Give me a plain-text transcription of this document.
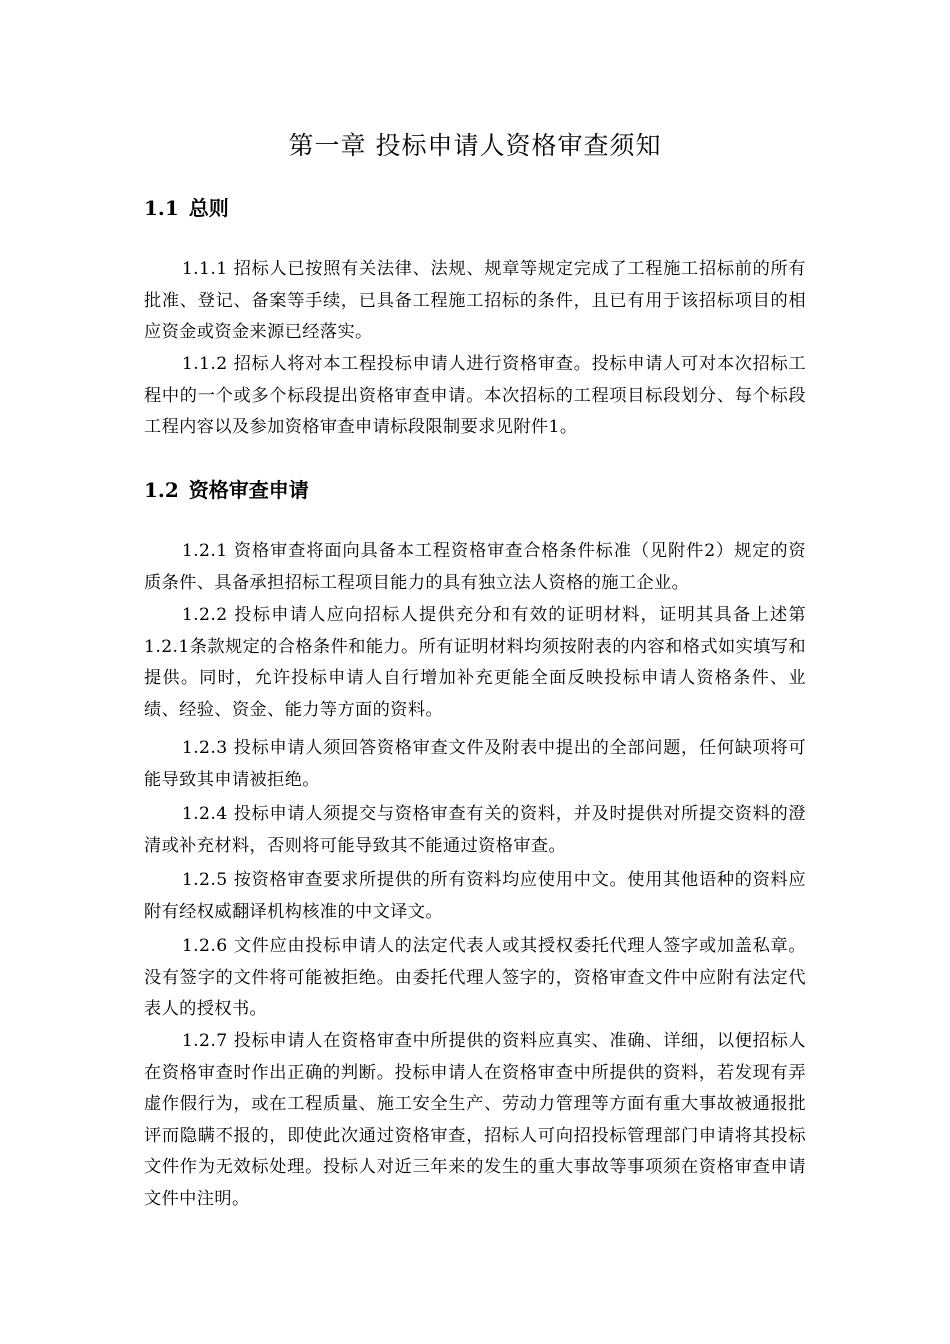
第一章 投标申请人资格审查须知
1.1 总则

1.1.1 招标人已按照有关法律、法规、规章等规定完成了工程施工招标前的所有批准、登记、备案等手续，已具备工程施工招标的条件，且已有用于该招标项目的相应资金或资金来源已经落实。

1.1.2 招标人将对本工程投标申请人进行资格审查。投标申请人可对本次招标工程中的一个或多个标段提出资格审查申请。本次招标的工程项目标段划分、每个标段工程内容以及参加资格审查申请标段限制要求见附件1。

1.2 资格审查申请

1.2.1 资格审查将面向具备本工程资格审查合格条件标准（见附件2）规定的资质条件、具备承担招标工程项目能力的具有独立法人资格的施工企业。

1.2.2 投标申请人应向招标人提供充分和有效的证明材料，证明其具备上述第1.2.1条款规定的合格条件和能力。所有证明材料均须按附表的内容和格式如实填写和提供。同时，允许投标申请人自行增加补充更能全面反映投标申请人资格条件、业绩、经验、资金、能力等方面的资料。

1.2.3 投标申请人须回答资格审查文件及附表中提出的全部问题，任何缺项将可能导致其申请被拒绝。

1.2.4 投标申请人须提交与资格审查有关的资料，并及时提供对所提交资料的澄清或补充材料，否则将可能导致其不能通过资格审查。

1.2.5 按资格审查要求所提供的所有资料均应使用中文。使用其他语种的资料应附有经权威翻译机构核准的中文译文。

1.2.6 文件应由投标申请人的法定代表人或其授权委托代理人签字或加盖私章。没有签字的文件将可能被拒绝。由委托代理人签字的，资格审查文件中应附有法定代表人的授权书。

1.2.7 投标申请人在资格审查中所提供的资料应真实、准确、详细，以便招标人在资格审查时作出正确的判断。投标申请人在资格审查中所提供的资料，若发现有弄虚作假行为，或在工程质量、施工安全生产、劳动力管理等方面有重大事故被通报批评而隐瞒不报的，即使此次通过资格审查，招标人可向招投标管理部门申请将其投标文件作为无效标处理。投标人对近三年来的发生的重大事故等事项须在资格审查申请文件中注明。
